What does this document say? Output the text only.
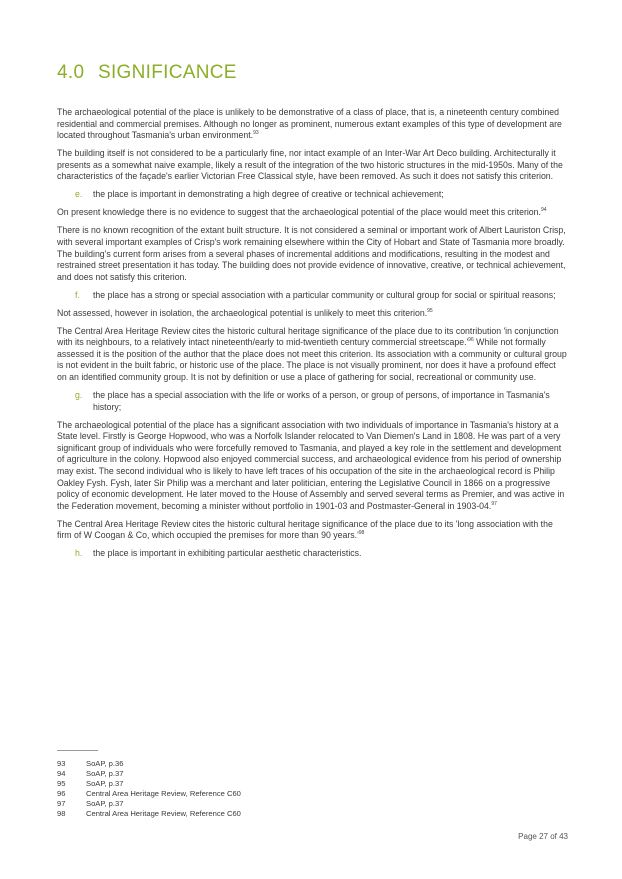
4.0 SIGNIFICANCE

The archaeological potential of the place is unlikely to be demonstrative of a class of place, that is, a nineteenth century combined residential and commercial premises. Although no longer as prominent, numerous extant examples of this type of development are located throughout Tasmania's urban environment.$^{93}$

The building itself is not considered to be a particularly fine, nor intact example of an Inter-War Art Deco building. Architecturally it presents as a somewhat naive example, likely a result of the integration of the two historic structures in the mid-1950s. Many of the characteristics of the façade's earlier Victorian Free Classical style, have been removed. As such it does not satisfy this criterion.

e.	the place is important in demonstrating a high degree of creative or technical achievement;

On present knowledge there is no evidence to suggest that the archaeological potential of the place would meet this criterion.$^{94}$

There is no known recognition of the extant built structure. It is not considered a seminal or important work of Albert Lauriston Crisp, with several important examples of Crisp's work remaining elsewhere within the City of Hobart and State of Tasmania more broadly. The building's current form arises from a several phases of incremental additions and modifications, resulting in the modest and restrained street presentation it has today. The building does not provide evidence of innovative, creative, or technical achievement, and does not satisfy this criterion.

f.	the place has a strong or special association with a particular community or cultural group for social or spiritual reasons;

Not assessed, however in isolation, the archaeological potential is unlikely to meet this criterion.$^{95}$

The Central Area Heritage Review cites the historic cultural heritage significance of the place due to its contribution 'in conjunction with its neighbours, to a relatively intact nineteenth/early to mid-twentieth century commercial $streetscape.'^{96}$ While not formally assessed it is the position of the author that the place does not meet this criterion. Its association with a community or cultural group is not evident in the built fabric, or historic use of the place. The place is not visually prominent, nor does it have a profound effect on an identified community group. It is not by definition or use a place of gathering for social, recreational or community use.

g.	the place has a special association with the life or works of a person, or group of persons, of importance in Tasmania's history;

The archaeological potential of the place has a significant association with two individuals of importance in Tasmania's history at a State level. Firstly is George Hopwood, who was a Norfolk Islander relocated to Van Diemen's Land in 1808. He was part of a very significant group of individuals who were forcefully removed to Tasmania, and played a key role in the settlement and development of agriculture in the colony. Hopwood also enjoyed commercial success, and archaeological evidence from his period of ownership may exist. The second individual who is likely to have left traces of his occupation of the site in the archaeological record is Philip Oakley Fysh. Fysh, later Sir Philip was a merchant and later politician, entering the Legislative Council in 1866 on a progressive policy of economic development. He later moved to the House of Assembly and served several terms as Premier, and was active in the Federation movement, becoming a minister without portfolio in 1901-03 and Postmaster-General in 1903-04.97

The Central Area Heritage Review cites the historic cultural heritage significance of the place due to its 'long association with the firm of W Coogan & Co, which occupied the premises for more than 90 $years.'^{98}$

h.	the place is important in exhibiting particular aesthetic characteristics.
93	SoAP, p.36
94	SoAP, p.37
95	SoAP, p.37
96	Central Area Heritage Review, Reference C60
97	SoAP, p.37
98	Central Area Heritage Review, Reference C60
Page 27 of 43
